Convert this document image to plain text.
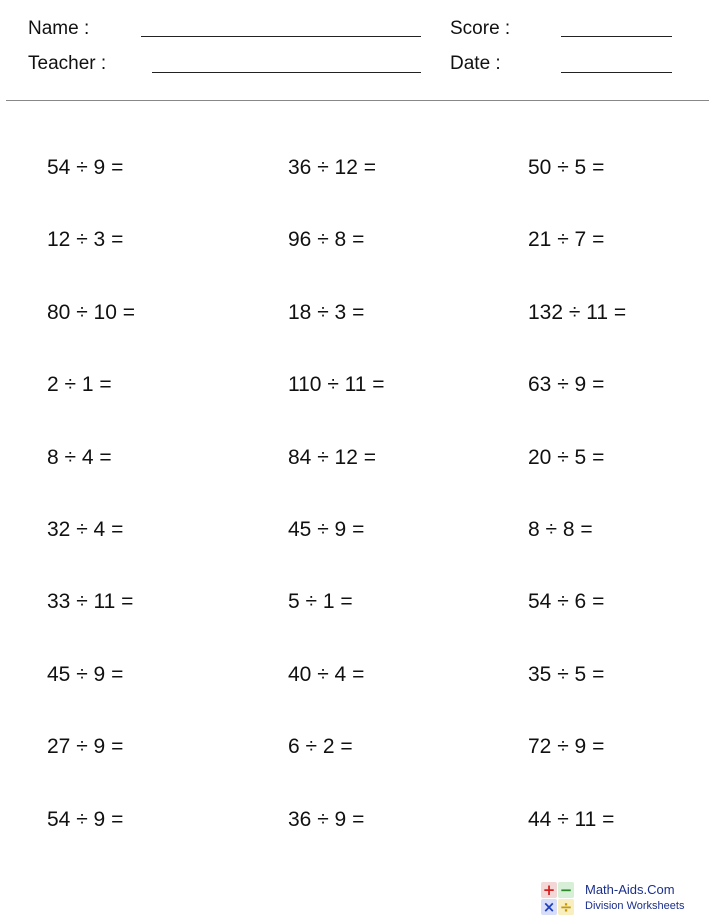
Name :
Teacher :
Score :
Date :
54 ÷ 9 =	36 ÷ 12 =	50 ÷ 5 =
12 ÷ 3 =	96 ÷ 8 =	21 ÷ 7 =
80 ÷ 10 =	18 ÷ 3 =	132 ÷ 11 =
2 ÷ 1 =	110 ÷ 11 =	63 ÷ 9 =
8 ÷ 4 =	84 ÷ 12 =	20 ÷ 5 =
32 ÷ 4 =	45 ÷ 9 =	8 ÷ 8 =
33 ÷ 11 =	5 ÷ 1 =	54 ÷ 6 =
45 ÷ 9 =	40 ÷ 4 =	35 ÷ 5 =
27 ÷ 9 =	6 ÷ 2 =	72 ÷ 9 =
54 ÷ 9 =	36 ÷ 9 =	44 ÷ 11 =
+ −
× ÷
Math-Aids.Com
Division Worksheets
